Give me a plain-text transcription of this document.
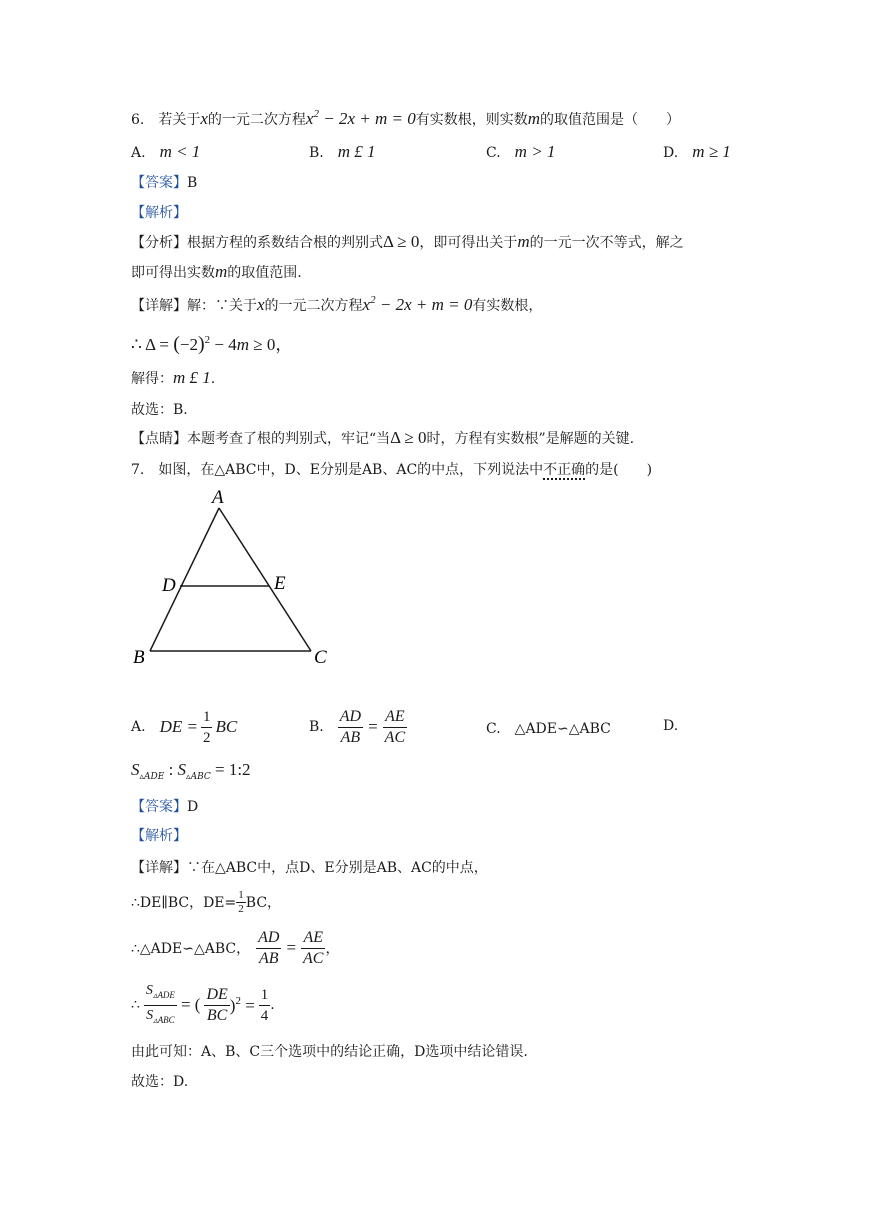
6.　若关于x的一元二次方程$x^2 - 2x + m = 0$有实数根，则实数m的取值范围是（　　）
A.　 m < 1	B.　 m £ 1	C.　 m > 1	D.　 m ≥ 1
【答案】B
【解析】
【分析】根据方程的系数结合根的判别式Δ ≥ 0，即可得出关于m的一元一次不等式，解之
即可得出实数m的取值范围.
【详解】解：∵关于x的一元二次方程$x^2 - 2x + m = 0$有实数根，
∴ $\Delta = (-2)^2 - 4m \ge 0$，
解得：m £ 1.
故选：B.
【点睛】本题考查了根的判别式，牢记“当Δ ≥ 0时，方程有实数根”是解题的关键.
7.　如图，在△ABC中，D、E分别是AB、AC的中点，下列说法中不正确的是(　　)
A
D	E
B	C
A.
　 DE = $\frac{1}{2}$ BC	B.
　 $\frac{AD}{AB} = \frac{AE}{AC}$	C.　 △ADE∽△ABC	D.
$S_{▵ADE}$ : $S_{▵ABC}$ = 1:2
【答案】D
【解析】
【详解】∵在△ABC中，点D、E分别是AB、AC的中点，
∴DE∥BC，$DE= \frac{1}{2}$ BC，
∴△ADE∽△ABC， $\frac{AD}{AB} = \frac{AE}{AC}$ ，
∴ $\frac{S_{▵ADE}}{S_{▵ABC}}$ = ( $\frac{DE}{BC} )^2 = \frac{1}{4}$ .
由此可知：A、B、C三个选项中的结论正确，D选项中结论错误.
故选：D.
